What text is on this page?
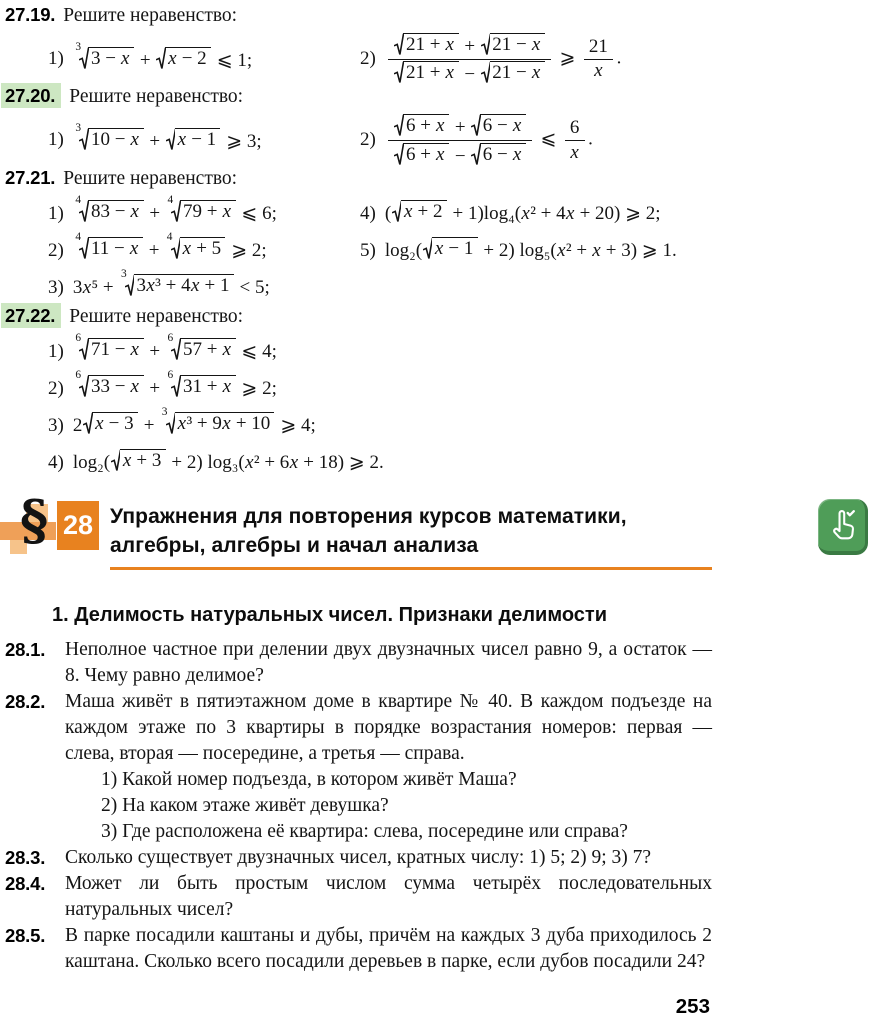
27.19. Решите неравенство:
1)
3
3 − x + x − 2 ⩽ 1;	$2) \frac{21 + x + 21 - x}{21 + x - 21 - x}$ ⩾ $\frac{21}{x}$ .
27.20. Решите неравенство:
1)
3
10 − x + x − 1 ⩾ 3;	$2) \frac{6 + x + 6 - x}{6 + x - 6 - x}$ ⩽ $\frac{6}{x}$ .
27.21. Решите неравенство:
1)
4
83 − x +
4
79 + x ⩽ 6;
2)
4
11 − x +
4
x + 5 ⩾ 2;
3) 3x⁵ +
3
3x³ + 4x + 1 < 5;
4) ( x + 2 + 1)log₄(x² + 4x + 20) ⩾ 2;
5) log₂( x − 1 + 2) log₅(x² + x + 3) ⩾ 1.
27.22. Решите неравенство:
1)
6
71 − x +
6
57 + x ⩽ 4;
2)
6
33 − x +
6
31 + x ⩾ 2;
3) 2 x − 3 +
3
x³ + 9x + 10 ⩾ 4;
4) log₂( x + 3 + 2) log₃(x² + 6x + 18) ⩾ 2.
§ 28 Упражнения для повторения курсов математики,
алгебры, алгебры и начал анализа
1. Делимость натуральных чисел. Признаки делимости
28.1.	Неполное частное при делении двух двузначных чисел равно 9, а остаток — 8. Чему равно делимое?
28.2.	Маша живёт в пятиэтажном доме в квартире № 40. В каждом подъезде на каждом этаже по 3 квартиры в порядке возрастания номеров: первая — слева, вторая — посередине, а третья — справа.
1) Какой номер подъезда, в котором живёт Маша?
2) На каком этаже живёт девушка?
3) Где расположена её квартира: слева, посередине или справа?
28.3.	Сколько существует двузначных чисел, кратных числу: 1) 5; 2) 9; 3) 7?
28.4.	Может ли быть простым числом сумма четырёх последовательных натуральных чисел?
28.5.	В парке посадили каштаны и дубы, причём на каждых 3 дуба приходилось 2 каштана. Сколько всего посадили деревьев в парке, если дубов посадили 24?
253
